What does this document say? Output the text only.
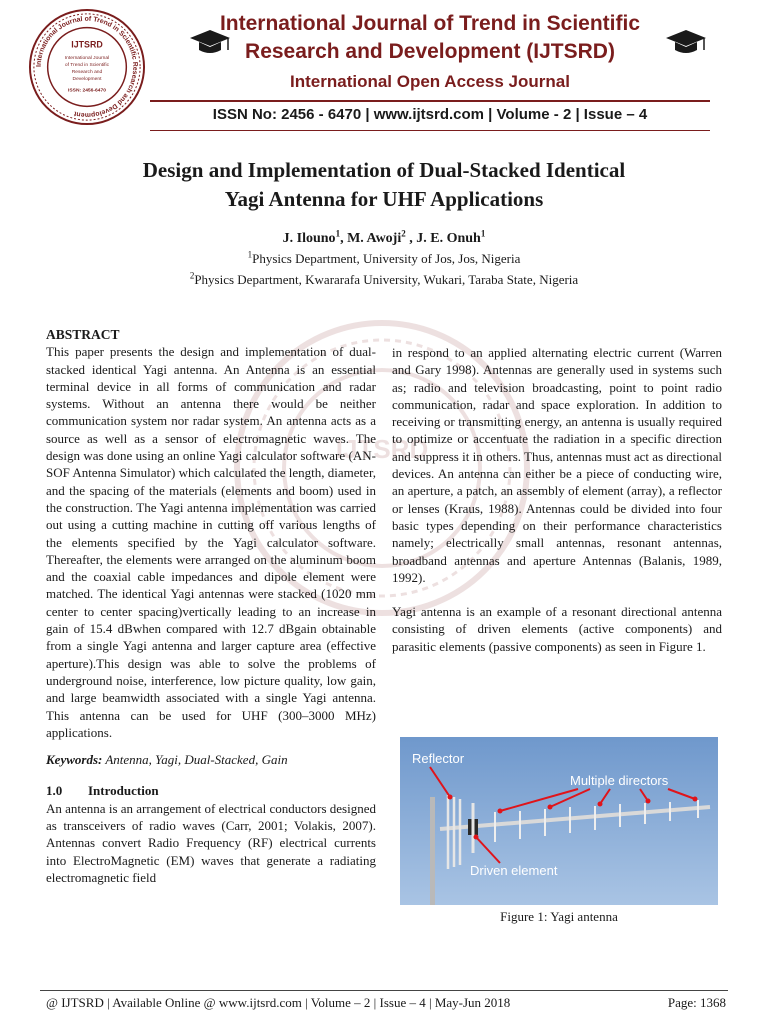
International Journal of Trend in Scientific Research and Development
IJTSRD
International Journal
of Trend in Scientific
Research and
Development
ISSN: 2456-6470
International Journal of Trend in Scientific
Research and Development (IJTSRD)
International Open Access Journal
ISSN No: 2456 - 6470 | www.ijtsrd.com | Volume - 2 | Issue – 4
Design and Implementation of Dual-Stacked Identical
Yagi Antenna for UHF Applications
J. Ilouno$^1$, M. Awoji$^2$ , J. E. Onuh$^1$
$^1$Physics Department, University of Jos, Jos, Nigeria
$^2$Physics Department, Kwararafa University, Wukari, Taraba State, Nigeria
IJTSRD
ABSTRACT
This paper presents the design and implementation of dual-stacked identical Yagi antenna. An Antenna is an essential terminal device in all forms of communication and radar systems. Without an antenna there would be neither communication system nor radar system. An antenna acts as a source as well as a sensor of electromagnetic waves. The design was done using an online Yagi calculator software (AN-SOF Antenna Simulator) which calculated the length, diameter, and the spacing of the materials (elements and boom) used in the construction. The Yagi antenna implementation was carried out using a cutting machine in cutting off various lengths of the elements specified by the Yagi calculator software. Thereafter, the elements were arranged on the aluminum boom and the coaxial cable impedances and dipole element were matched. The identical Yagi antennas were stacked (1020 mm center to center spacing)vertically leading to an increase in gain of 15.4 dBwhen compared with 12.7 dBgain obtainable from a single Yagi antenna and larger capture area (effective aperture).This design was able to solve the problems of underground noise, interference, low picture quality, low gain, and large beamwidth associated with a single Yagi antenna. This antenna can be used for UHF (300–3000 MHz) applications.
Keywords: Antenna, Yagi, Dual-Stacked, Gain
1.0 Introduction
An antenna is an arrangement of electrical conductors designed as transceivers of radio waves (Carr, 2001; Volakis, 2007). Antennas convert Radio Frequency (RF) electrical currents into ElectroMagnetic (EM) waves that generate a radiating electromagnetic field
in respond to an applied alternating electric current (Warren and Gary 1998). Antennas are generally used in systems such as; radio and television broadcasting, point to point radio communication, radar and space exploration. In addition to receiving or transmitting energy, an antenna is usually required to optimize or accentuate the radiation in a specific direction and suppress it in others. Thus, antennas must act as directional devices. An antenna can either be a piece of conducting wire, an aperture, a patch, an assembly of element (array), a reflector or lenses (Kraus, 1988). Antennas could be divided into four basic types depending on their performance characteristics namely; electrically small antennas, resonant antennas, broadband antennas and aperture Antennas (Balanis, 1989, 1992).
Yagi antenna is an example of a resonant directional antenna consisting of driven elements (active components) and parasitic elements (passive components) as seen in Figure 1.
Reflector
Multiple directors
Driven element
Figure 1: Yagi antenna
@ IJTSRD | Available Online @ www.ijtsrd.com | Volume – 2 | Issue – 4 | May-Jun 2018	Page: 1368
